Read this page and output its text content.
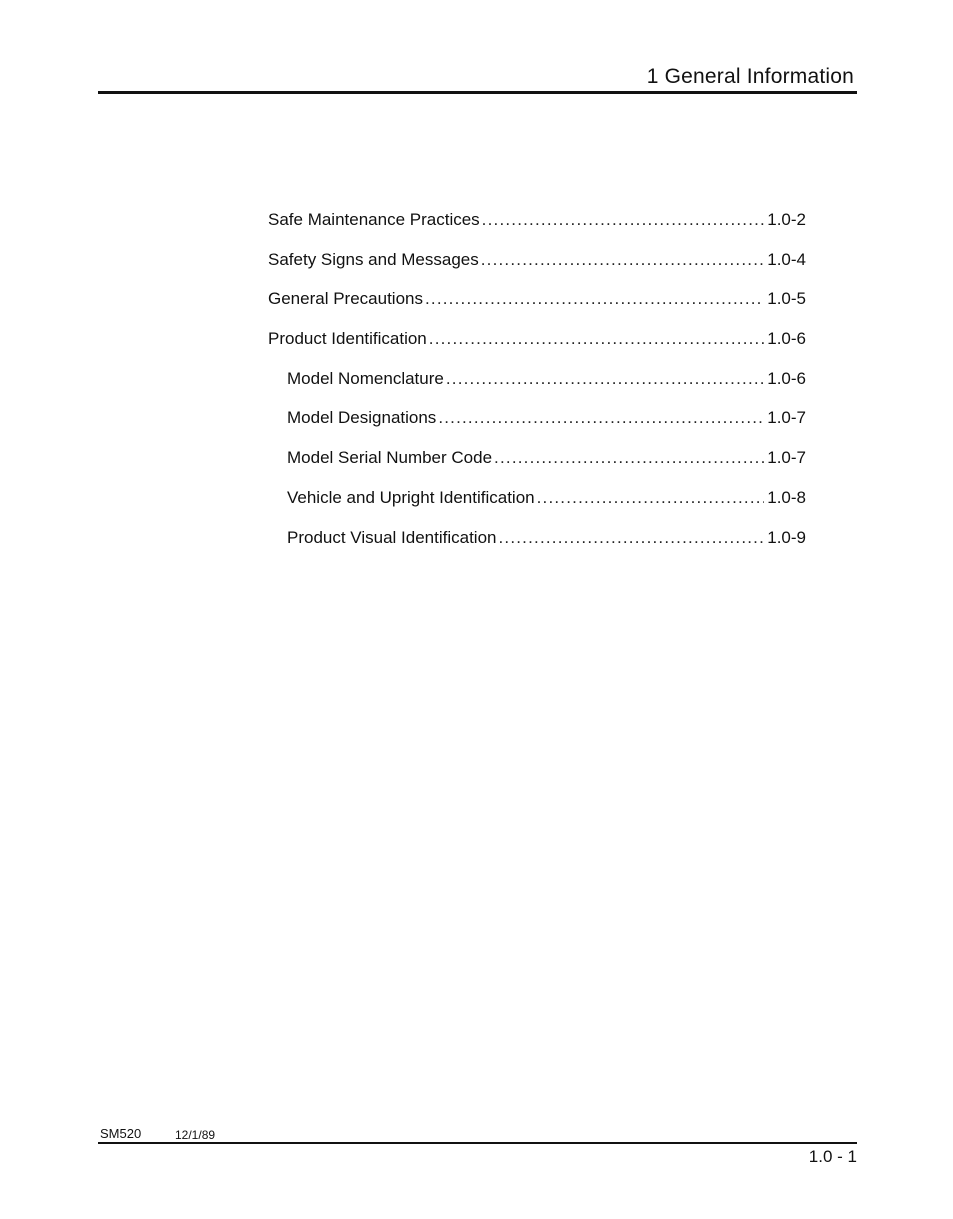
1 General Information
Safe Maintenance Practices .....	1.0-2
Safety Signs and Messages .....	1.0-4
General Precautions .....	1.0-5
Product Identification .....	1.0-6
Model Nomenclature .....	1.0-6
Model Designations .....	1.0-7
Model Serial Number Code .....	1.0-7
Vehicle and Upright Identification .....	1.0-8
Product Visual Identification .....	1.0-9
SM520	12/1/89
1.0 - 1
